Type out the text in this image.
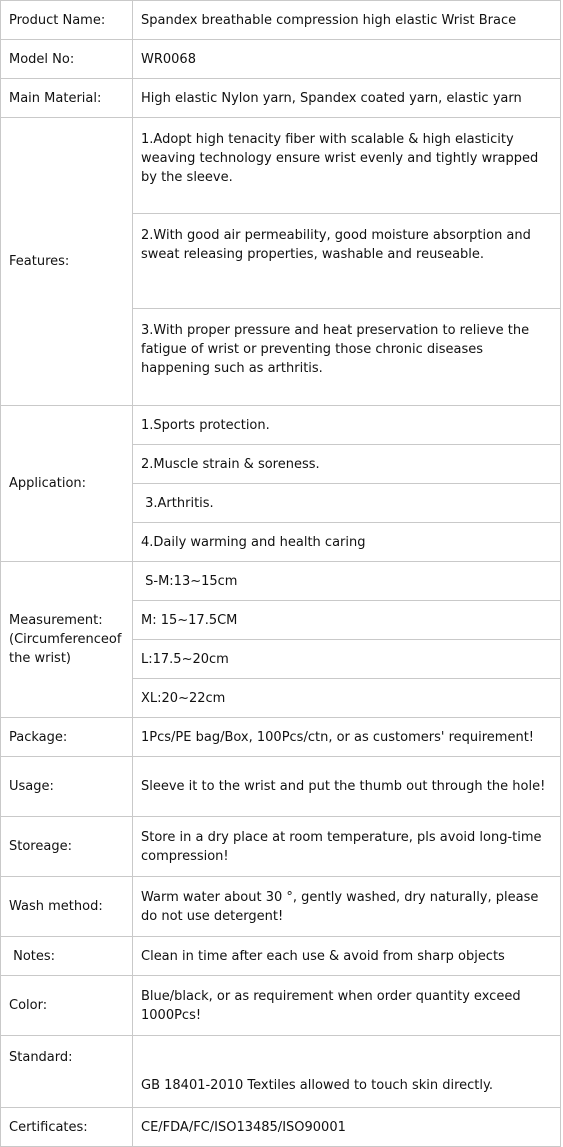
Product Name:	Spandex breathable compression high elastic Wrist Brace
Model No:	WR0068
Main Material:	High elastic Nylon yarn, Spandex coated yarn, elastic yarn
Features:	1.Adopt high tenacity fiber with scalable & high elasticity weaving technology ensure wrist evenly and tightly wrapped by the sleeve.
	2.With good air permeability, good moisture absorption and sweat releasing properties, washable and reuseable.
	3.With proper pressure and heat preservation to relieve the fatigue of wrist or preventing those chronic diseases happening such as arthritis.
Application:	1.Sports protection.
	2.Muscle strain & soreness.
	3.Arthritis.
	4.Daily warming and health caring
Measurement:
(Circumferenceof the wrist)	S-M:13~15cm
	M: 15~17.5CM
	L:17.5~20cm
	XL:20~22cm
Package:	1Pcs/PE bag/Box, 100Pcs/ctn, or as customers' requirement!
Usage:	Sleeve it to the wrist and put the thumb out through the hole!
Storeage:	Store in a dry place at room temperature, pls avoid long-time compression!
Wash method:	Warm water about 30 °, gently washed, dry naturally, please do not use detergent!
Notes:	Clean in time after each use & avoid from sharp objects
Color:	Blue/black, or as requirement when order quantity exceed 1000Pcs!
Standard:	GB 18401-2010 Textiles allowed to touch skin directly.
Certificates:	CE/FDA/FC/ISO13485/ISO90001
